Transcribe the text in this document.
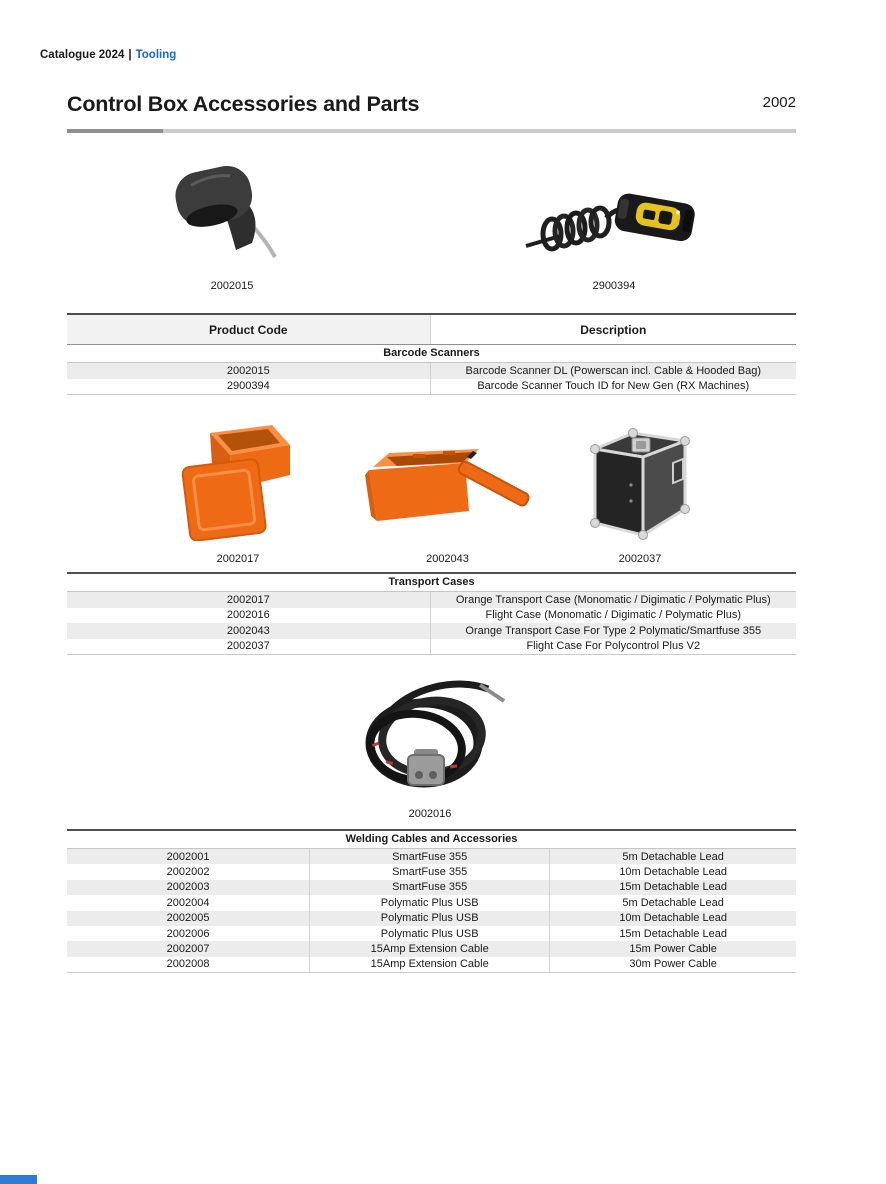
Catalogue 2024 | Tooling
Control Box Accessories and Parts	2002
2002015	2900394
2002017	2002043	2002037
2002016
Product Code	Description
Barcode Scanners
2002015	Barcode Scanner DL (Powerscan incl. Cable & Hooded Bag)
2900394	Barcode Scanner Touch ID for New Gen (RX Machines)
Transport Cases
2002017	Orange Transport Case (Monomatic / Digimatic / Polymatic Plus)
2002016	Flight Case (Monomatic / Digimatic / Polymatic Plus)
2002043	Orange Transport Case For Type 2 Polymatic/Smartfuse 355
2002037	Flight Case For Polycontrol Plus V2
Welding Cables and Accessories
2002001	SmartFuse 355	5m Detachable Lead
2002002	SmartFuse 355	10m Detachable Lead
2002003	SmartFuse 355	15m Detachable Lead
2002004	Polymatic Plus USB	5m Detachable Lead
2002005	Polymatic Plus USB	10m Detachable Lead
2002006	Polymatic Plus USB	15m Detachable Lead
2002007	15Amp Extension Cable	15m Power Cable
2002008	15Amp Extension Cable	30m Power Cable
